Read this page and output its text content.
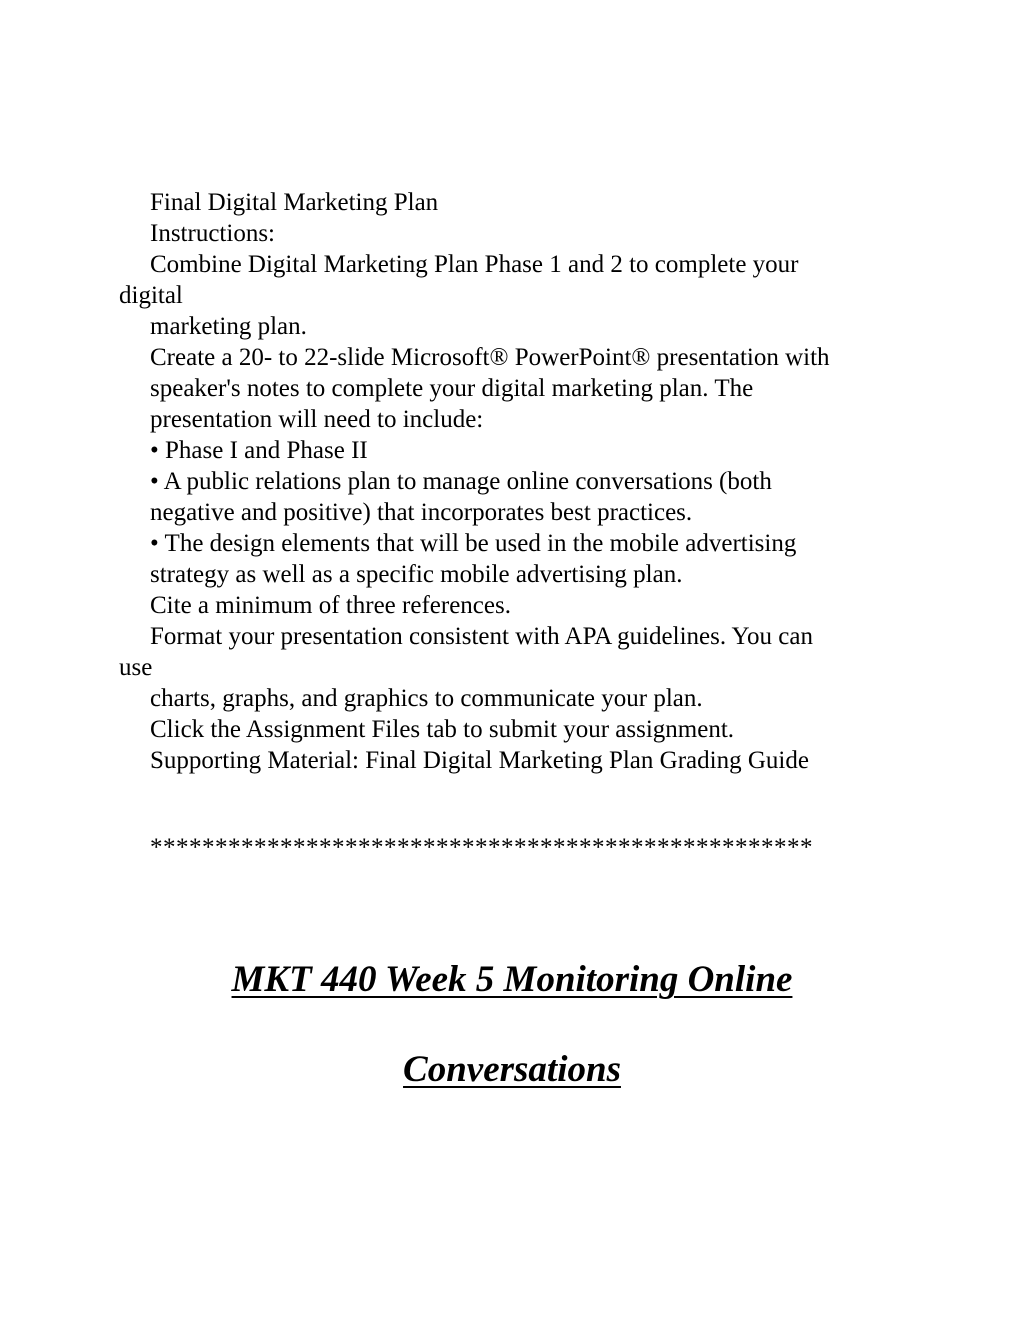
Final Digital Marketing Plan

Instructions:

Combine Digital Marketing Plan Phase 1 and 2 to complete your

digital

marketing plan.

Create a 20- to 22-slide Microsoft® PowerPoint® presentation with

speaker's notes to complete your digital marketing plan. The

presentation will need to include:

• Phase I and Phase II

• A public relations plan to manage online conversations (both

negative and positive) that incorporates best practices.

• The design elements that will be used in the mobile advertising

strategy as well as a specific mobile advertising plan.

Cite a minimum of three references.

Format your presentation consistent with APA guidelines. You can

use

charts, graphs, and graphics to communicate your plan.

Click the Assignment Files tab to submit your assignment.

Supporting Material: Final Digital Marketing Plan Grading Guide

***************************************************
MKT 440 Week 5 Monitoring Online
Conversations
